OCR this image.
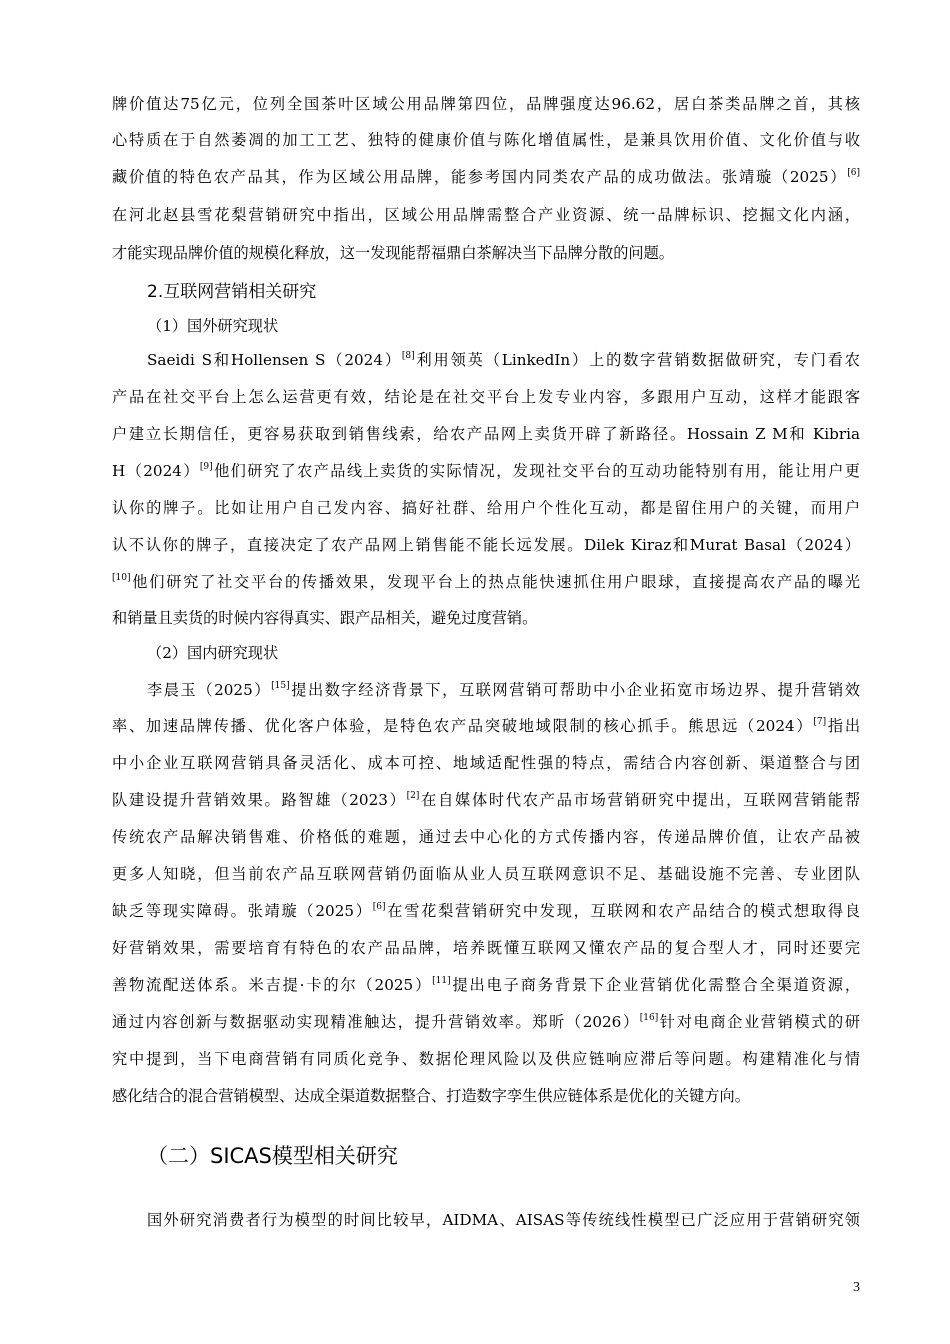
牌价值达75亿元，位列全国茶叶区域公用品牌第四位，品牌强度达96.62，居白茶类品牌之首，其核
心特质在于自然萎凋的加工工艺、独特的健康价值与陈化增值属性，是兼具饮用价值、文化价值与收
藏价值的特色农产品其，作为区域公用品牌，能参考国内同类农产品的成功做法。张靖璇（2025）[6]
在河北赵县雪花梨营销研究中指出，区域公用品牌需整合产业资源、统一品牌标识、挖掘文化内涵，
才能实现品牌价值的规模化释放，这一发现能帮福鼎白茶解决当下品牌分散的问题。
2.互联网营销相关研究
（1）国外研究现状
Saeidi S和Hollensen S（2024）[8]利用领英（LinkedIn）上的数字营销数据做研究，专门看农
产品在社交平台上怎么运营更有效，结论是在社交平台上发专业内容，多跟用户互动，这样才能跟客
户建立长期信任，更容易获取到销售线索，给农产品网上卖货开辟了新路径。Hossain Z M和 Kibria
H（2024）[9]他们研究了农产品线上卖货的实际情况，发现社交平台的互动功能特别有用，能让用户更
认你的牌子。比如让用户自己发内容、搞好社群、给用户个性化互动，都是留住用户的关键，而用户
认不认你的牌子，直接决定了农产品网上销售能不能长远发展。Dilek Kiraz和Murat Basal（2024）
[10]他们研究了社交平台的传播效果，发现平台上的热点能快速抓住用户眼球，直接提高农产品的曝光
和销量且卖货的时候内容得真实、跟产品相关，避免过度营销。
（2）国内研究现状
李晨玉（2025）[15]提出数字经济背景下，互联网营销可帮助中小企业拓宽市场边界、提升营销效
率、加速品牌传播、优化客户体验，是特色农产品突破地域限制的核心抓手。熊思远（2024）[7]指出
中小企业互联网营销具备灵活化、成本可控、地域适配性强的特点，需结合内容创新、渠道整合与团
队建设提升营销效果。路智雄（2023）[2]在自媒体时代农产品市场营销研究中提出，互联网营销能帮
传统农产品解决销售难、价格低的难题，通过去中心化的方式传播内容，传递品牌价值，让农产品被
更多人知晓，但当前农产品互联网营销仍面临从业人员互联网意识不足、基础设施不完善、专业团队
缺乏等现实障碍。张靖璇（2025）[6]在雪花梨营销研究中发现，互联网和农产品结合的模式想取得良
好营销效果，需要培育有特色的农产品品牌，培养既懂互联网又懂农产品的复合型人才，同时还要完
善物流配送体系。米吉提·卡的尔（2025）[11]提出电子商务背景下企业营销优化需整合全渠道资源，
通过内容创新与数据驱动实现精准触达，提升营销效率。郑昕（2026）[16]针对电商企业营销模式的研
究中提到，当下电商营销有同质化竞争、数据伦理风险以及供应链响应滞后等问题。构建精准化与情
感化结合的混合营销模型、达成全渠道数据整合、打造数字孪生供应链体系是优化的关键方向。
（二）SICAS模型相关研究
国外研究消费者行为模型的时间比较早，AIDMA、AISAS等传统线性模型已广泛应用于营销研究领
3
